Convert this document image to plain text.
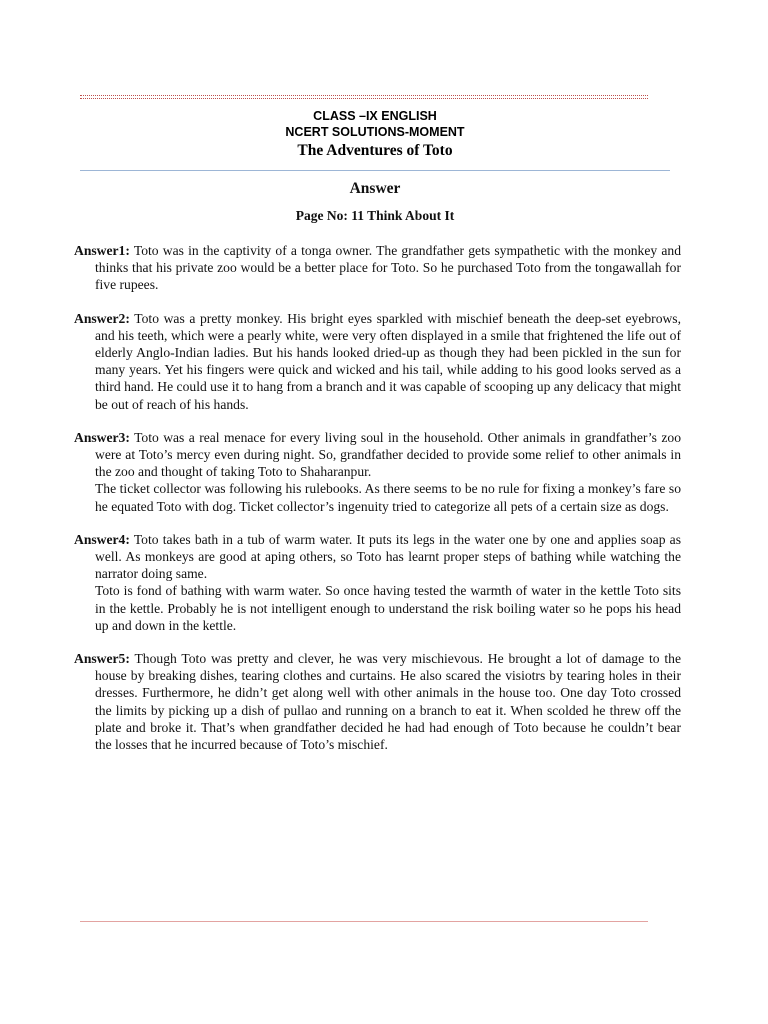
CLASS –IX ENGLISH
NCERT SOLUTIONS-MOMENT
The Adventures of Toto
Answer
Page No: 11 Think About It
Answer1: Toto was in the captivity of a tonga owner. The grandfather gets sympathetic with the monkey and thinks that his private zoo would be a better place for Toto. So he purchased Toto from the tongawallah for five rupees.
Answer2: Toto was a pretty monkey. His bright eyes sparkled with mischief beneath the deep-set eyebrows, and his teeth, which were a pearly white, were very often displayed in a smile that frightened the life out of elderly Anglo-Indian ladies. But his hands looked dried-up as though they had been pickled in the sun for many years. Yet his fingers were quick and wicked and his tail, while adding to his good looks served as a third hand. He could use it to hang from a branch and it was capable of scooping up any delicacy that might be out of reach of his hands.
Answer3: Toto was a real menace for every living soul in the household. Other animals in grandfather’s zoo were at Toto’s mercy even during night. So, grandfather decided to provide some relief to other animals in the zoo and thought of taking Toto to Shaharanpur.
The ticket collector was following his rulebooks. As there seems to be no rule for fixing a monkey’s fare so he equated Toto with dog. Ticket collector’s ingenuity tried to categorize all pets of a certain size as dogs.
Answer4: Toto takes bath in a tub of warm water. It puts its legs in the water one by one and applies soap as well. As monkeys are good at aping others, so Toto has learnt proper steps of bathing while watching the narrator doing same.
Toto is fond of bathing with warm water. So once having tested the warmth of water in the kettle Toto sits in the kettle. Probably he is not intelligent enough to understand the risk boiling water so he pops his head up and down in the kettle.
Answer5: Though Toto was pretty and clever, he was very mischievous. He brought a lot of damage to the house by breaking dishes, tearing clothes and curtains. He also scared the visiotrs by tearing holes in their dresses. Furthermore, he didn’t get along well with other animals in the house too. One day Toto crossed the limits by picking up a dish of pullao and running on a branch to eat it. When scolded he threw off the plate and broke it. That’s when grandfather decided he had had enough of Toto because he couldn’t bear the losses that he incurred because of Toto’s mischief.
